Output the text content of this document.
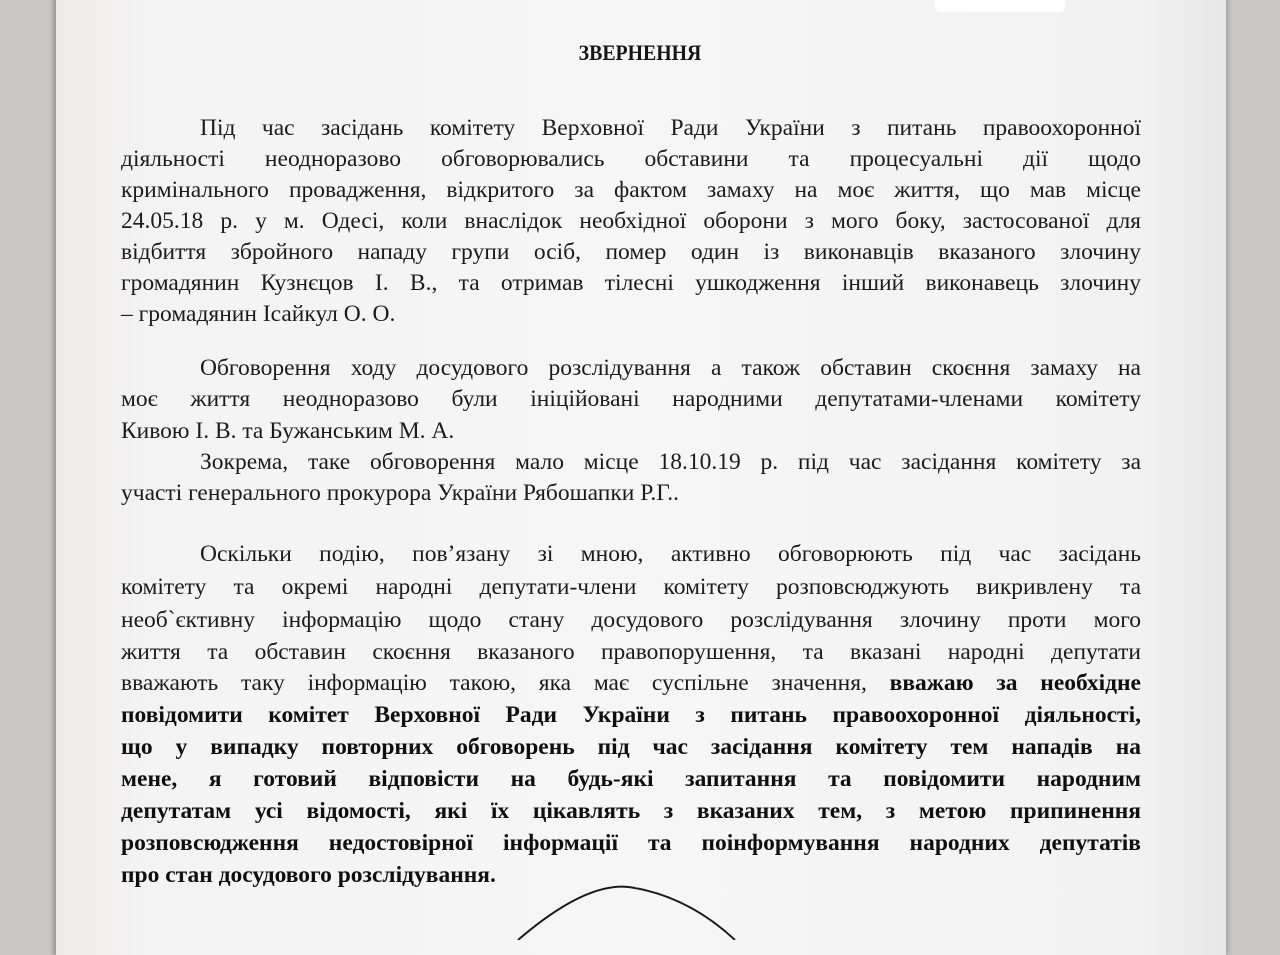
ЗВЕРНЕННЯ
Під час засідань комітету Верховної Ради України з питань правоохоронної
діяльності неодноразово обговорювались обставини та процесуальні дії щодо
кримінального провадження, відкритого за фактом замаху на моє життя, що мав місце
24.05.18 р. у м. Одесі, коли внаслідок необхідної оборони з мого боку, застосованої для
відбиття збройного нападу групи осіб, помер один із виконавців вказаного злочину
громадянин Кузнєцов І. В., та отримав тілесні ушкодження інший виконавець злочину
– громадянин Ісайкул О. О.
Обговорення ходу досудового розслідування а також обставин скоєння замаху на
моє життя неодноразово були ініційовані народними депутатами-членами комітету
Кивою І. В. та Бужанським М. А.
Зокрема, таке обговорення мало місце 18.10.19 р. під час засідання комітету за
участі генерального прокурора України Рябошапки Р.Г..
Оскільки подію, пов’язану зі мною, активно обговорюють під час засідань
комітету та окремі народні депутати-члени комітету розповсюджують викривлену та
необ`єктивну інформацію щодо стану досудового розслідування злочину проти мого
життя та обставин скоєння вказаного правопорушення, та вказані народні депутати
вважають таку інформацію такою, яка має суспільне значення, вважаю за необхідне
повідомити комітет Верховної Ради України з питань правоохоронної діяльності,
що у випадку повторних обговорень під час засідання комітету тем нападів на
мене, я готовий відповісти на будь-які запитання та повідомити народним
депутатам усі відомості, які їх цікавлять з вказаних тем, з метою припинення
розповсюдження недостовірної інформації та поінформування народних депутатів
про стан досудового розслідування.
